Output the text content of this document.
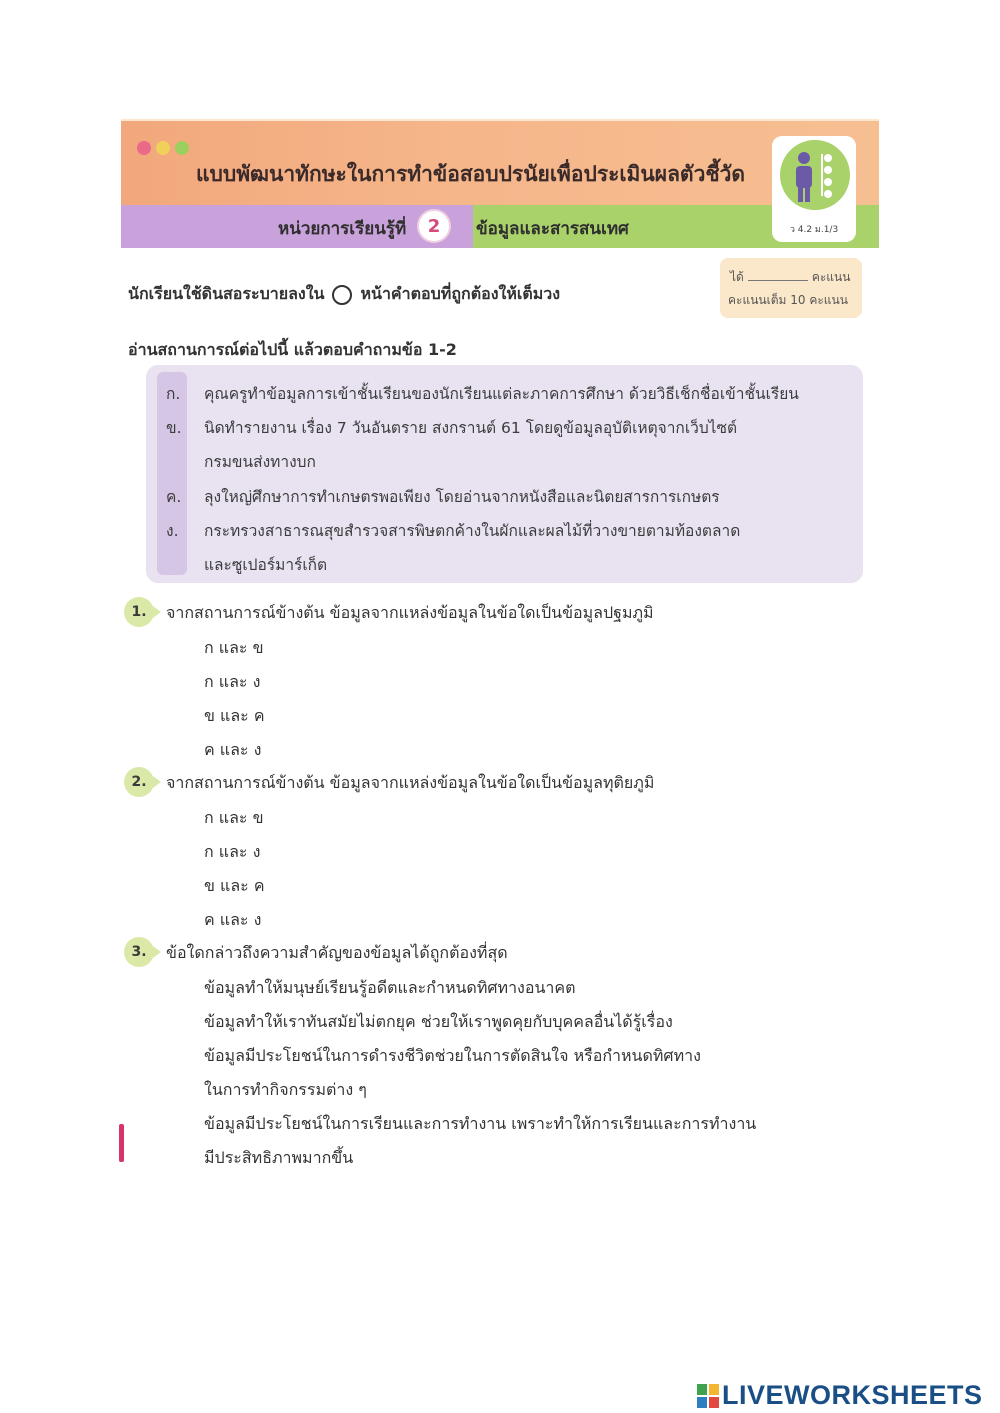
แบบพัฒนาทักษะในการทำข้อสอบปรนัยเพื่อประเมินผลตัวชี้วัด
หน่วยการเรียนรู้ที่	2	ข้อมูลและสารสนเทศ	ว 4.2 ม.1/3
นักเรียนใช้ดินสอระบายลงใน หน้าคำตอบที่ถูกต้องให้เต็มวง
ได้	คะแนน
คะแนนเต็ม 10 คะแนน
อ่านสถานการณ์ต่อไปนี้ แล้วตอบคำถามข้อ 1-2
ก. คุณครูทำข้อมูลการเข้าชั้นเรียนของนักเรียนแต่ละภาคการศึกษา ด้วยวิธีเช็กชื่อเข้าชั้นเรียน
ข. นิดทำรายงาน เรื่อง 7 วันอันตราย สงกรานต์ 61 โดยดูข้อมูลอุบัติเหตุจากเว็บไซต์
กรมขนส่งทางบก
ค. ลุงใหญ่ศึกษาการทำเกษตรพอเพียง โดยอ่านจากหนังสือและนิตยสารการเกษตร
ง. กระทรวงสาธารณสุขสำรวจสารพิษตกค้างในผักและผลไม้ที่วางขายตามท้องตลาด
และซูเปอร์มาร์เก็ต
1.	จากสถานการณ์ข้างต้น ข้อมูลจากแหล่งข้อมูลในข้อใดเป็นข้อมูลปฐมภูมิ
ก และ ข
ก และ ง
ข และ ค
ค และ ง
2.	จากสถานการณ์ข้างต้น ข้อมูลจากแหล่งข้อมูลในข้อใดเป็นข้อมูลทุติยภูมิ
ก และ ข
ก และ ง
ข และ ค
ค และ ง
3.	ข้อใดกล่าวถึงความสำคัญของข้อมูลได้ถูกต้องที่สุด
ข้อมูลทำให้มนุษย์เรียนรู้อดีตและกำหนดทิศทางอนาคต
ข้อมูลทำให้เราทันสมัยไม่ตกยุค ช่วยให้เราพูดคุยกับบุคคลอื่นได้รู้เรื่อง
ข้อมูลมีประโยชน์ในการดำรงชีวิตช่วยในการตัดสินใจ หรือกำหนดทิศทาง
ในการทำกิจกรรมต่าง ๆ
ข้อมูลมีประโยชน์ในการเรียนและการทำงาน เพราะทำให้การเรียนและการทำงาน
มีประสิทธิภาพมากขึ้น
LIVEWORKSHEETS
